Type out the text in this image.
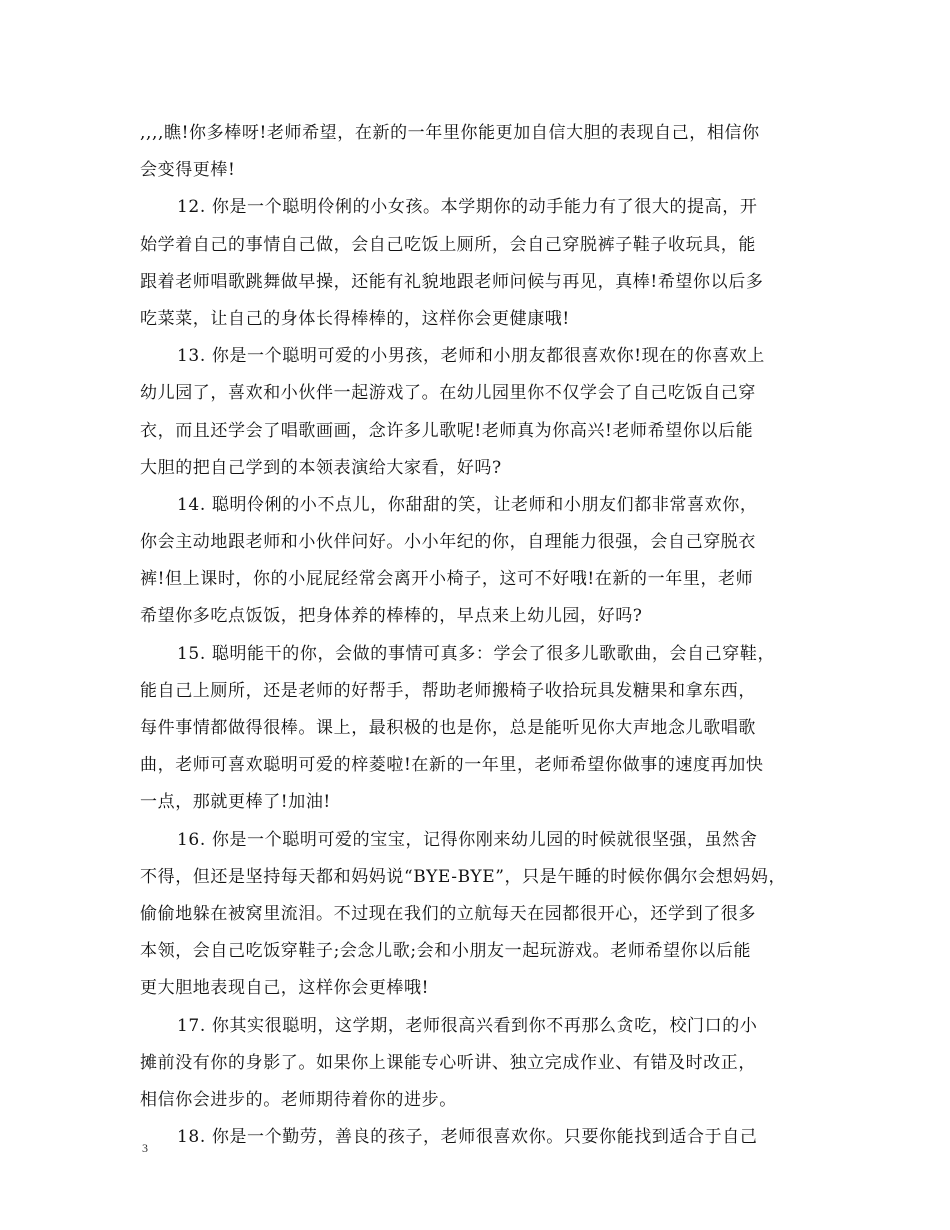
,,,,瞧!你多棒呀!老师希望，在新的一年里你能更加自信大胆的表现自己，相信你
会变得更棒!
12. 你是一个聪明伶俐的小女孩。本学期你的动手能力有了很大的提高，开
始学着自己的事情自己做，会自己吃饭上厕所，会自己穿脱裤子鞋子收玩具，能
跟着老师唱歌跳舞做早操，还能有礼貌地跟老师问候与再见，真棒!希望你以后多
吃菜菜，让自己的身体长得棒棒的，这样你会更健康哦!
13. 你是一个聪明可爱的小男孩，老师和小朋友都很喜欢你!现在的你喜欢上
幼儿园了，喜欢和小伙伴一起游戏了。在幼儿园里你不仅学会了自己吃饭自己穿
衣，而且还学会了唱歌画画，念许多儿歌呢!老师真为你高兴!老师希望你以后能
大胆的把自己学到的本领表演给大家看，好吗?
14. 聪明伶俐的小不点儿，你甜甜的笑，让老师和小朋友们都非常喜欢你，
你会主动地跟老师和小伙伴问好。小小年纪的你，自理能力很强，会自己穿脱衣
裤!但上课时，你的小屁屁经常会离开小椅子，这可不好哦!在新的一年里，老师
希望你多吃点饭饭，把身体养的棒棒的，早点来上幼儿园，好吗?
15. 聪明能干的你，会做的事情可真多：学会了很多儿歌歌曲，会自己穿鞋，
能自己上厕所，还是老师的好帮手，帮助老师搬椅子收拾玩具发糖果和拿东西，
每件事情都做得很棒。课上，最积极的也是你，总是能听见你大声地念儿歌唱歌
曲，老师可喜欢聪明可爱的梓菱啦!在新的一年里，老师希望你做事的速度再加快
一点，那就更棒了!加油!
16. 你是一个聪明可爱的宝宝，记得你刚来幼儿园的时候就很坚强，虽然舍
不得，但还是坚持每天都和妈妈说“BYE-BYE”，只是午睡的时候你偶尔会想妈妈，
偷偷地躲在被窝里流泪。不过现在我们的立航每天在园都很开心，还学到了很多
本领，会自己吃饭穿鞋子;会念儿歌;会和小朋友一起玩游戏。老师希望你以后能
更大胆地表现自己，这样你会更棒哦!
17. 你其实很聪明，这学期，老师很高兴看到你不再那么贪吃，校门口的小
摊前没有你的身影了。如果你上课能专心听讲、独立完成作业、有错及时改正，
相信你会进步的。老师期待着你的进步。
18. 你是一个勤劳，善良的孩子，老师很喜欢你。只要你能找到适合于自己
3
